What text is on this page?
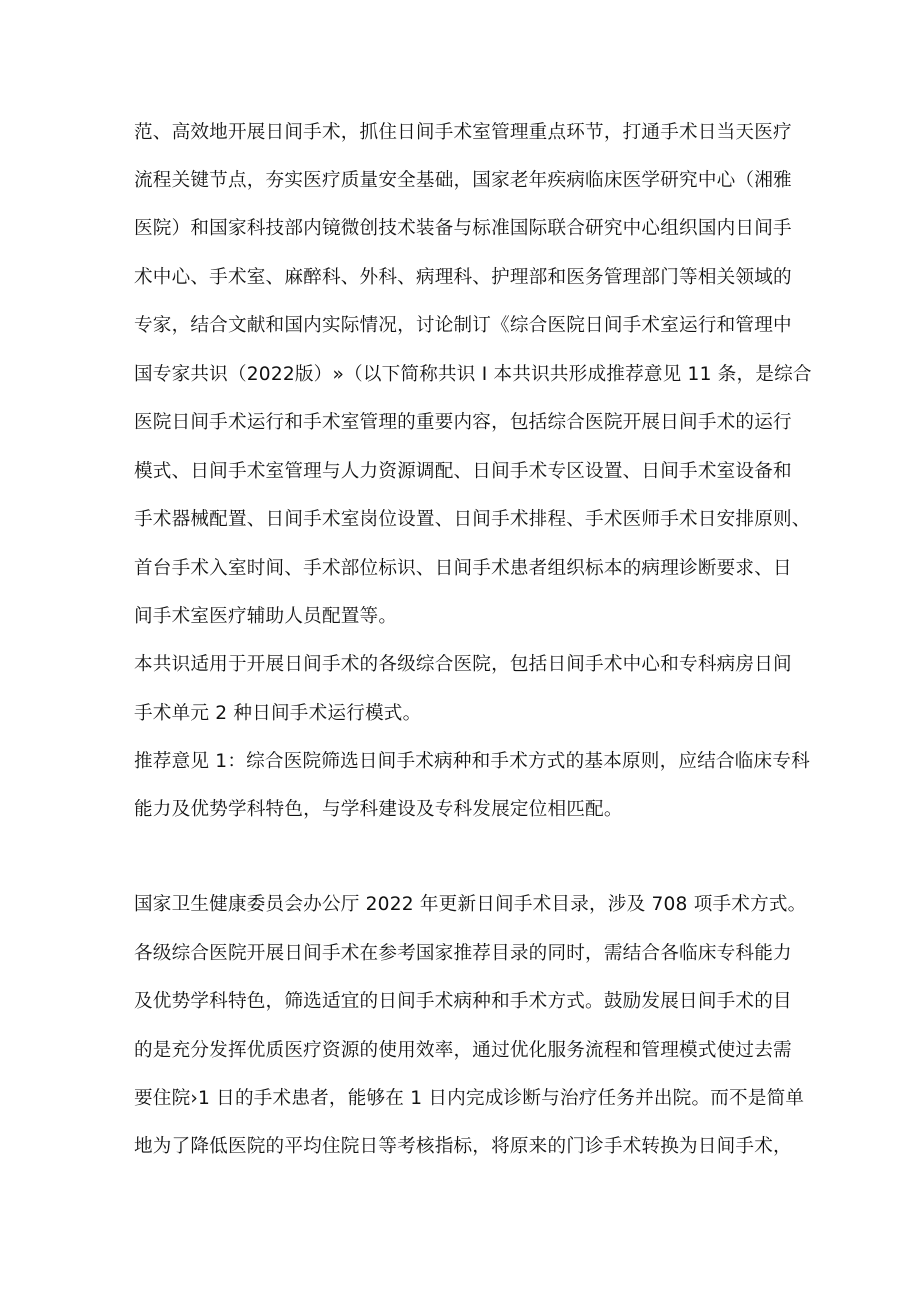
范、高效地开展日间手术，抓住日间手术室管理重点环节，打通手术日当天医疗
流程关键节点，夯实医疗质量安全基础，国家老年疾病临床医学研究中心（湘雅
医院）和国家科技部内镜微创技术装备与标准国际联合研究中心组织国内日间手
术中心、手术室、麻醉科、外科、病理科、护理部和医务管理部门等相关领域的
专家，结合文献和国内实际情况，讨论制订《综合医院日间手术室运行和管理中
国专家共识（2022版）»（以下简称共识 I 本共识共形成推荐意见 11 条，是综合
医院日间手术运行和手术室管理的重要内容，包括综合医院开展日间手术的运行
模式、日间手术室管理与人力资源调配、日间手术专区设置、日间手术室设备和
手术器械配置、日间手术室岗位设置、日间手术排程、手术医师手术日安排原则、
首台手术入室时间、手术部位标识、日间手术患者组织标本的病理诊断要求、日
间手术室医疗辅助人员配置等。
本共识适用于开展日间手术的各级综合医院，包括日间手术中心和专科病房日间
手术单元 2 种日间手术运行模式。
推荐意见 1：综合医院筛选日间手术病种和手术方式的基本原则，应结合临床专科
能力及优势学科特色，与学科建设及专科发展定位相匹配。
国家卫生健康委员会办公厅 2022 年更新日间手术目录，涉及 708 项手术方式。
各级综合医院开展日间手术在参考国家推荐目录的同时，需结合各临床专科能力
及优势学科特色，筛选适宜的日间手术病种和手术方式。鼓励发展日间手术的目
的是充分发挥优质医疗资源的使用效率，通过优化服务流程和管理模式使过去需
要住院›1 日的手术患者，能够在 1 日内完成诊断与治疗任务并出院。而不是简单
地为了降低医院的平均住院日等考核指标，将原来的门诊手术转换为日间手术，
